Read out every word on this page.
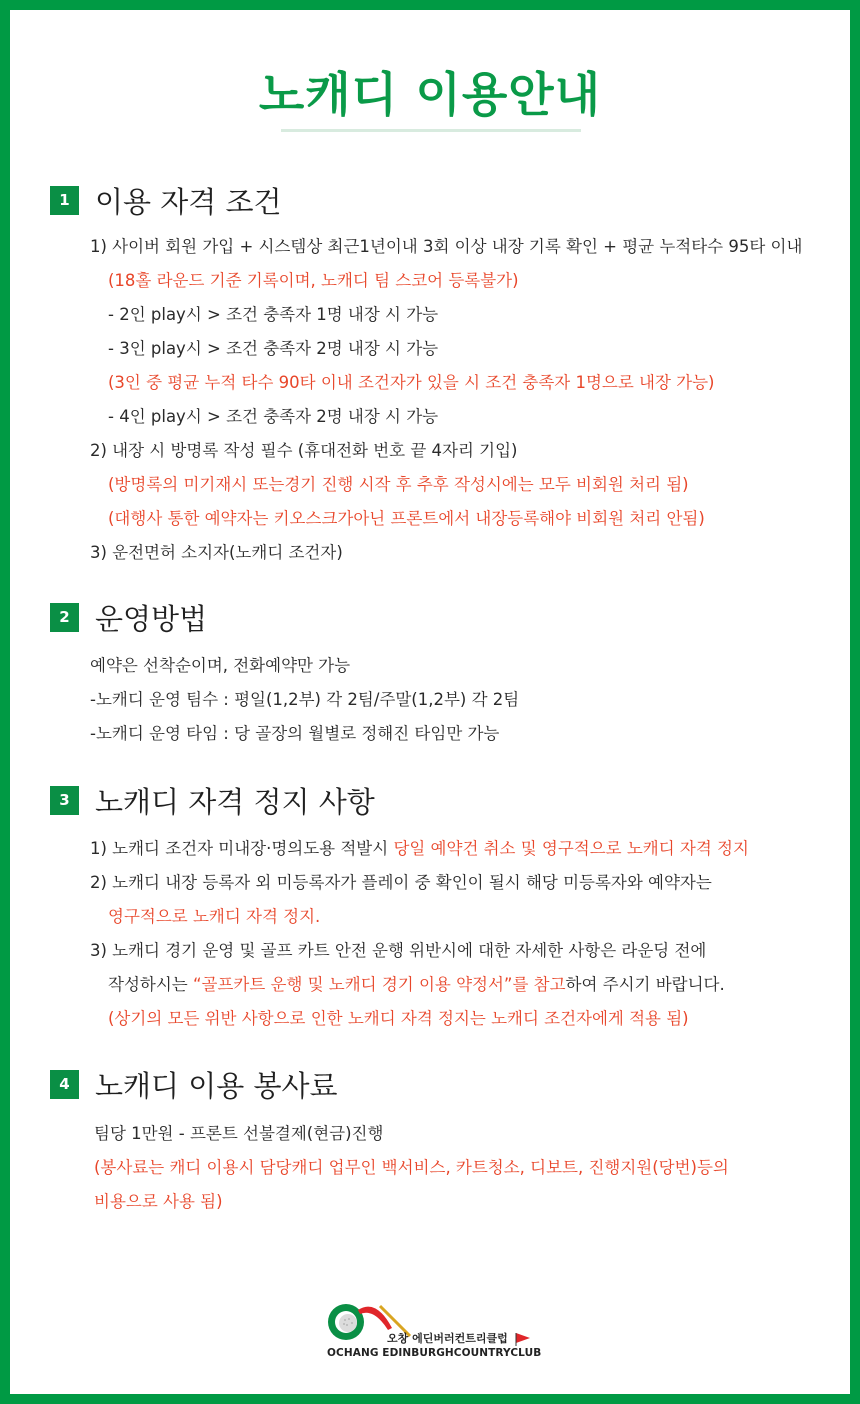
노캐디 이용안내
1 이용 자격 조건
1) 사이버 회원 가입 + 시스템상 최근1년이내 3회 이상 내장 기록 확인 + 평균 누적타수 95타 이내
(18홀 라운드 기준 기록이며, 노캐디 팀 스코어 등록불가)
- 2인 play시 > 조건 충족자 1명 내장 시 가능
- 3인 play시 > 조건 충족자 2명 내장 시 가능
(3인 중 평균 누적 타수 90타 이내 조건자가 있을 시 조건 충족자 1명으로 내장 가능)
- 4인 play시 > 조건 충족자 2명 내장 시 가능
2) 내장 시 방명록 작성 필수 (휴대전화 번호 끝 4자리 기입)
(방명록의 미기재시 또는경기 진행 시작 후 추후 작성시에는 모두 비회원 처리 됨)
(대행사 통한 예약자는 키오스크가아닌 프론트에서 내장등록해야 비회원 처리 안됨)
3) 운전면허 소지자(노캐디 조건자)
2 운영방법
예약은 선착순이며, 전화예약만 가능
-노캐디 운영 팀수 : 평일(1,2부) 각 2팀/주말(1,2부) 각 2팀
-노캐디 운영 타임 : 당 골장의 월별로 정해진 타임만 가능
3 노캐디 자격 정지 사항
1) 노캐디 조건자 미내장·명의도용 적발시 당일 예약건 취소 및 영구적으로 노캐디 자격 정지
2) 노캐디 내장 등록자 외 미등록자가 플레이 중 확인이 될시 해당 미등록자와 예약자는
영구적으로 노캐디 자격 정지.
3) 노캐디 경기 운영 및 골프 카트 안전 운행 위반시에 대한 자세한 사항은 라운딩 전에
작성하시는 “골프카트 운행 및 노캐디 경기 이용 약정서”를 참고하여 주시기 바랍니다.
(상기의 모든 위반 사항으로 인한 노캐디 자격 정지는 노캐디 조건자에게 적용 됨)
4 노캐디 이용 봉사료
팀당 1만원 - 프론트 선불결제(현금)진행
(봉사료는 캐디 이용시 담당캐디 업무인 백서비스, 카트청소, 디보트, 진행지원(당번)등의
비용으로 사용 됨)
오창 에딘버러컨트리클럽
OCHANG EDINBURGHCOUNTRYCLUB
